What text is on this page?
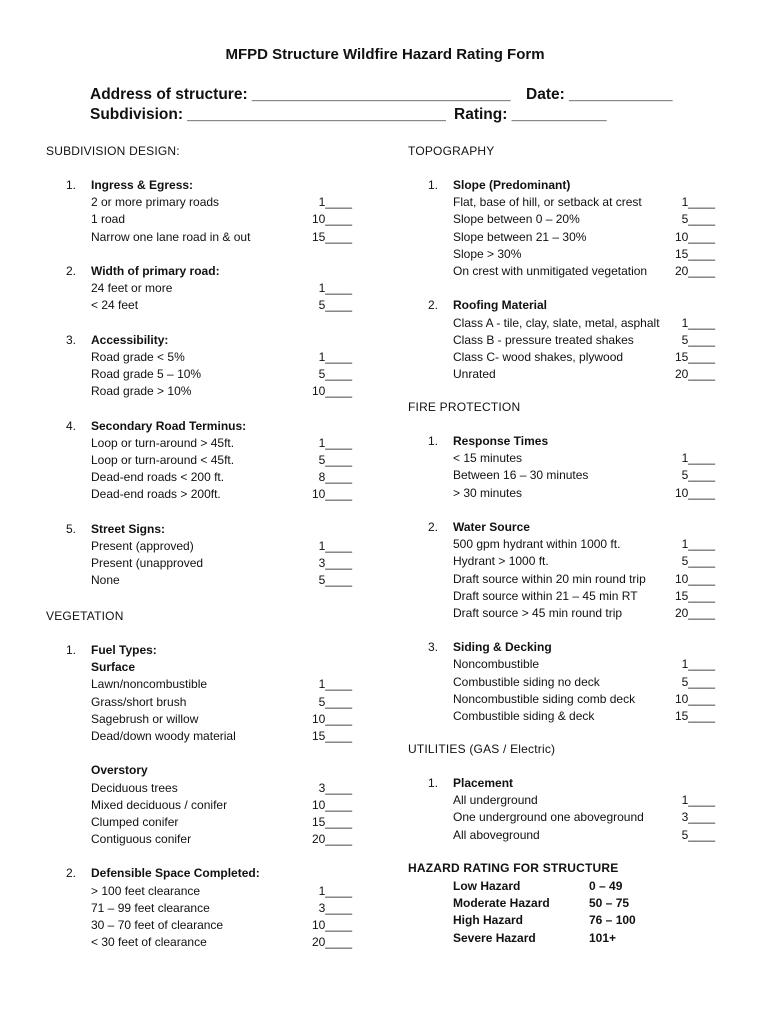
MFPD Structure Wildfire Hazard Rating Form
Address of structure: ______________________________ Date: ____________
Subdivision: ______________________________ Rating: ___________
SUBDIVISION DESIGN:
1. Ingress & Egress:
2 or more primary roads	1____
1 road	10____
Narrow one lane road in & out	15____
2. Width of primary road:
24 feet or more	1____
< 24 feet	5____
3. Accessibility:
Road grade < 5%	1____
Road grade 5 – 10%	5____
Road grade > 10%	10____
4. Secondary Road Terminus:
Loop or turn-around > 45ft.	1____
Loop or turn-around < 45ft.	5____
Dead-end roads < 200 ft.	8____
Dead-end roads > 200ft.	10____
5. Street Signs:
Present (approved)	1____
Present (unapproved	3____
None	5____
VEGETATION
1. Fuel Types:
Surface
Lawn/noncombustible	1____
Grass/short brush	5____
Sagebrush or willow	10____
Dead/down woody material	15____
Overstory
Deciduous trees	3____
Mixed deciduous / conifer	10____
Clumped conifer	15____
Contiguous conifer	20____
2. Defensible Space Completed:
> 100 feet clearance	1____
71 – 99 feet clearance	3____
30 – 70 feet of clearance	10____
< 30 feet of clearance	20____
TOPOGRAPHY
1. Slope (Predominant)
Flat, base of hill, or setback at crest	1____
Slope between 0 – 20%	5____
Slope between 21 – 30%	10____
Slope > 30%	15____
On crest with unmitigated vegetation 20____
2. Roofing Material
Class A - tile, clay, slate, metal, asphalt 1____
Class B - pressure treated shakes	5____
Class C- wood shakes, plywood	15____
Unrated	20____
FIRE PROTECTION
1. Response Times
< 15 minutes	1____
Between 16 – 30 minutes	5____
> 30 minutes	10____
2. Water Source
500 gpm hydrant within 1000 ft.	1____
Hydrant > 1000 ft.	5____
Draft source within 20 min round trip 10____
Draft source within 21 – 45 min RT	15____
Draft source > 45 min round trip	20____
3. Siding & Decking
Noncombustible	1____
Combustible siding no deck	5____
Noncombustible siding comb deck	10____
Combustible siding & deck	15____
UTILITIES (GAS / Electric)
1. Placement
All underground	1____
One underground one aboveground	3____
All aboveground	5____
HAZARD RATING FOR STRUCTURE
Low Hazard	0 – 49
Moderate Hazard	50 – 75
High Hazard	76 – 100
Severe Hazard	101+
